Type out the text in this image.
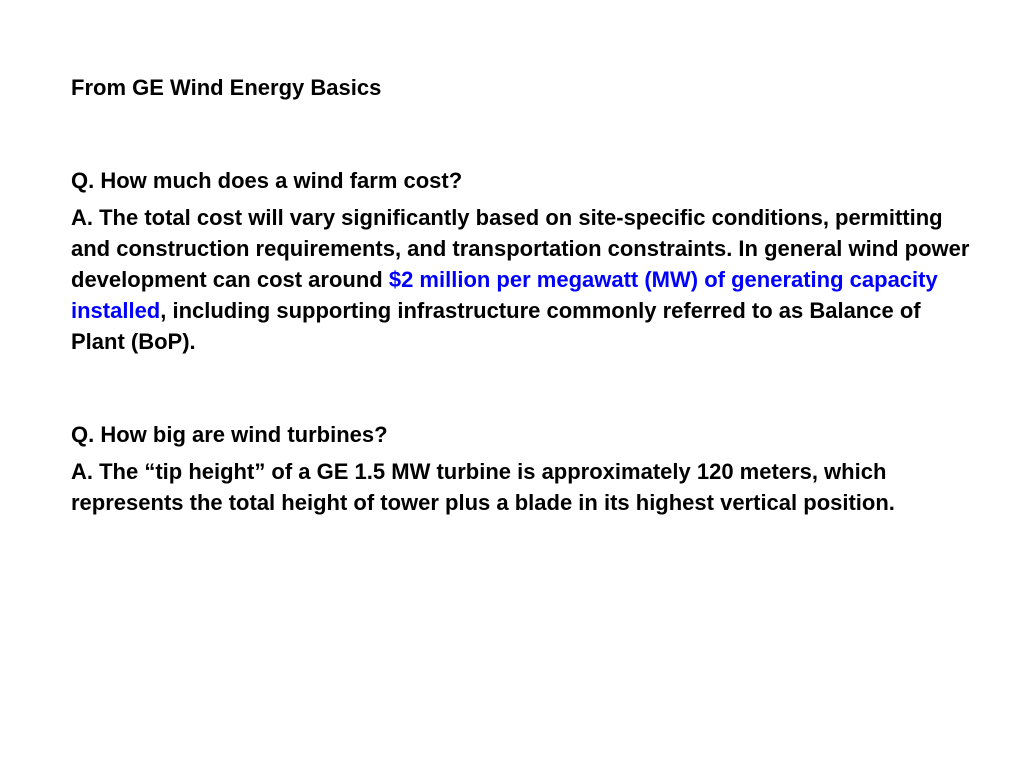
From GE Wind Energy Basics

Q. How much does a wind farm cost?

A. The total cost will vary significantly based on site-specific conditions, permitting and construction requirements, and transportation constraints. In general wind power development can cost around $2 million per megawatt (MW) of generating capacity installed, including supporting infrastructure commonly referred to as Balance of Plant (BoP).

Q. How big are wind turbines?

A. The “tip height” of a GE 1.5 MW turbine is approximately 120 meters, which represents the total height of tower plus a blade in its highest vertical position.
